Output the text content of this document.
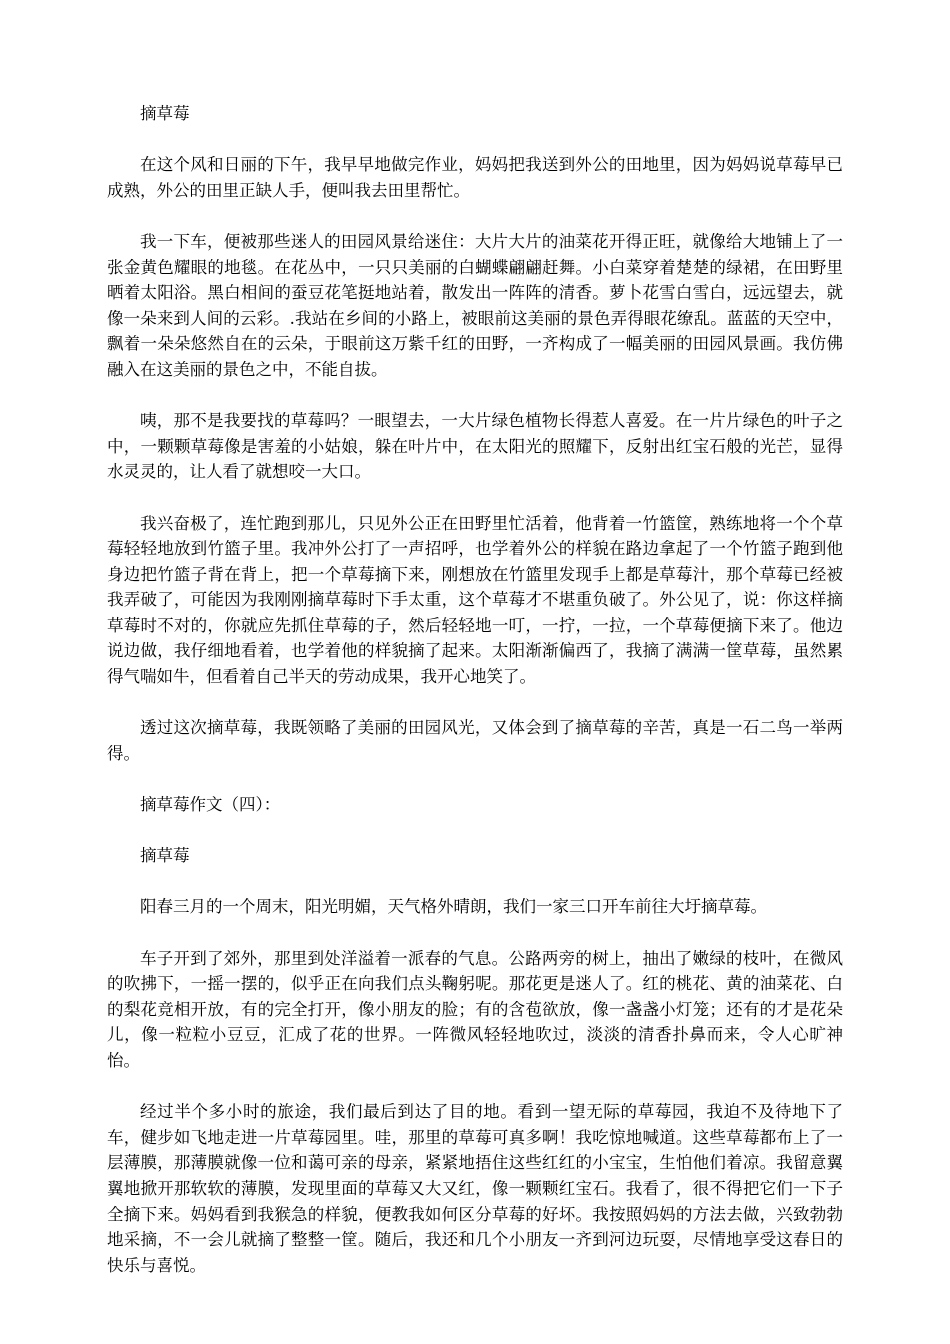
摘草莓

在这个风和日丽的下午，我早早地做完作业，妈妈把我送到外公的田地里，因为妈妈说草莓早已成熟，外公的田里正缺人手，便叫我去田里帮忙。

我一下车，便被那些迷人的田园风景给迷住：大片大片的油菜花开得正旺，就像给大地铺上了一张金黄色耀眼的地毯。在花丛中，一只只美丽的白蝴蝶翩翩赶舞。小白菜穿着楚楚的绿裙，在田野里晒着太阳浴。黑白相间的蚕豆花笔挺地站着，散发出一阵阵的清香。萝卜花雪白雪白，远远望去，就像一朵来到人间的云彩。.我站在乡间的小路上，被眼前这美丽的景色弄得眼花缭乱。蓝蓝的天空中，飘着一朵朵悠然自在的云朵，于眼前这万紫千红的田野，一齐构成了一幅美丽的田园风景画。我仿佛融入在这美丽的景色之中，不能自拔。

咦，那不是我要找的草莓吗？一眼望去，一大片绿色植物长得惹人喜爱。在一片片绿色的叶子之中，一颗颗草莓像是害羞的小姑娘，躲在叶片中，在太阳光的照耀下，反射出红宝石般的光芒，显得水灵灵的，让人看了就想咬一大口。

我兴奋极了，连忙跑到那儿，只见外公正在田野里忙活着，他背着一竹篮筐，熟练地将一个个草莓轻轻地放到竹篮子里。我冲外公打了一声招呼，也学着外公的样貌在路边拿起了一个竹篮子跑到他身边把竹篮子背在背上，把一个草莓摘下来，刚想放在竹篮里发现手上都是草莓汁，那个草莓已经被我弄破了，可能因为我刚刚摘草莓时下手太重，这个草莓才不堪重负破了。外公见了，说：你这样摘草莓时不对的，你就应先抓住草莓的子，然后轻轻地一叮，一拧，一拉，一个草莓便摘下来了。他边说边做，我仔细地看着，也学着他的样貌摘了起来。太阳渐渐偏西了，我摘了满满一筐草莓，虽然累得气喘如牛，但看着自己半天的劳动成果，我开心地笑了。

透过这次摘草莓，我既领略了美丽的田园风光，又体会到了摘草莓的辛苦，真是一石二鸟一举两得。

摘草莓作文（四）：

摘草莓

阳春三月的一个周末，阳光明媚，天气格外晴朗，我们一家三口开车前往大圩摘草莓。

车子开到了郊外，那里到处洋溢着一派春的气息。公路两旁的树上，抽出了嫩绿的枝叶，在微风的吹拂下，一摇一摆的，似乎正在向我们点头鞠躬呢。那花更是迷人了。红的桃花、黄的油菜花、白的梨花竞相开放，有的完全打开，像小朋友的脸；有的含苞欲放，像一盏盏小灯笼；还有的才是花朵儿，像一粒粒小豆豆，汇成了花的世界。一阵微风轻轻地吹过，淡淡的清香扑鼻而来，令人心旷神怡。

经过半个多小时的旅途，我们最后到达了目的地。看到一望无际的草莓园，我迫不及待地下了车，健步如飞地走进一片草莓园里。哇，那里的草莓可真多啊！我吃惊地喊道。这些草莓都布上了一层薄膜，那薄膜就像一位和蔼可亲的母亲，紧紧地捂住这些红红的小宝宝，生怕他们着凉。我留意翼翼地掀开那软软的薄膜，发现里面的草莓又大又红，像一颗颗红宝石。我看了，很不得把它们一下子全摘下来。妈妈看到我猴急的样貌，便教我如何区分草莓的好坏。我按照妈妈的方法去做，兴致勃勃地采摘，不一会儿就摘了整整一筐。随后，我还和几个小朋友一齐到河边玩耍，尽情地享受这春日的快乐与喜悦。
